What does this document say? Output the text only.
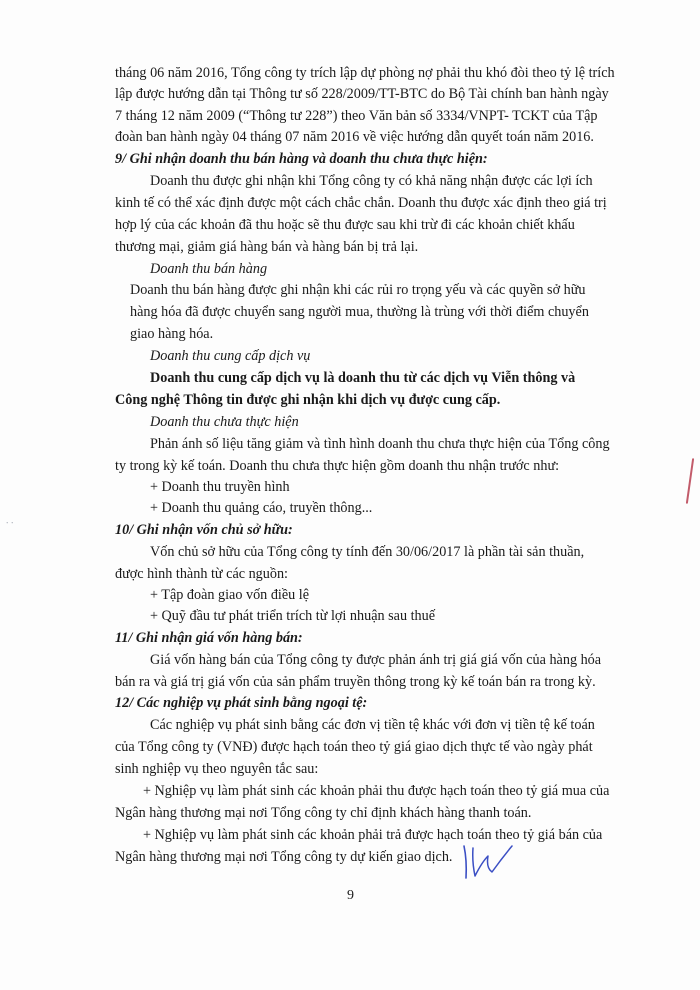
tháng 06 năm 2016, Tổng công ty trích lập dự phòng nợ phải thu khó đòi theo tỷ lệ trích
lập được hướng dẫn tại Thông tư số 228/2009/TT-BTC do Bộ Tài chính ban hành ngày
7 tháng 12 năm 2009 (“Thông tư 228”) theo Văn bản số 3334/VNPT- TCKT của Tập
đoàn ban hành ngày 04 tháng 07 năm 2016 về việc hướng dẫn quyết toán năm 2016.
9/ Ghi nhận doanh thu bán hàng và doanh thu chưa thực hiện:
Doanh thu được ghi nhận khi Tổng công ty có khả năng nhận được các lợi ích
kinh tế có thể xác định được một cách chắc chắn. Doanh thu được xác định theo giá trị
hợp lý của các khoản đã thu hoặc sẽ thu được sau khi trừ đi các khoản chiết khấu
thương mại, giảm giá hàng bán và hàng bán bị trả lại.
Doanh thu bán hàng
Doanh thu bán hàng được ghi nhận khi các rủi ro trọng yếu và các quyền sở hữu
hàng hóa đã được chuyển sang người mua, thường là trùng với thời điểm chuyển
giao hàng hóa.
Doanh thu cung cấp dịch vụ
Doanh thu cung cấp dịch vụ là doanh thu từ các dịch vụ Viễn thông và
Công nghệ Thông tin được ghi nhận khi dịch vụ được cung cấp.
Doanh thu chưa thực hiện
Phản ánh số liệu tăng giảm và tình hình doanh thu chưa thực hiện của Tổng công
ty trong kỳ kế toán. Doanh thu chưa thực hiện gồm doanh thu nhận trước như:
+ Doanh thu truyền hình
+ Doanh thu quảng cáo, truyền thông...
10/ Ghi nhận vốn chủ sở hữu:
Vốn chủ sở hữu của Tổng công ty tính đến 30/06/2017 là phần tài sản thuần,
được hình thành từ các nguồn:
+ Tập đoàn giao vốn điều lệ
+ Quỹ đầu tư phát triển trích từ lợi nhuận sau thuế
11/ Ghi nhận giá vốn hàng bán:
Giá vốn hàng bán của Tổng công ty được phản ánh trị giá giá vốn của hàng hóa
bán ra và giá trị giá vốn của sản phẩm truyền thông trong kỳ kế toán bán ra trong kỳ.
12/ Các nghiệp vụ phát sinh bằng ngoại tệ:
Các nghiệp vụ phát sinh bằng các đơn vị tiền tệ khác với đơn vị tiền tệ kế toán
của Tổng công ty (VNĐ) được hạch toán theo tỷ giá giao dịch thực tế vào ngày phát
sinh nghiệp vụ theo nguyên tắc sau:
+ Nghiệp vụ làm phát sinh các khoản phải thu được hạch toán theo tỷ giá mua của
Ngân hàng thương mại nơi Tổng công ty chỉ định khách hàng thanh toán.
+ Nghiệp vụ làm phát sinh các khoản phải trả được hạch toán theo tỷ giá bán của
Ngân hàng thương mại nơi Tổng công ty dự kiến giao dịch.
∙ ∙
9
